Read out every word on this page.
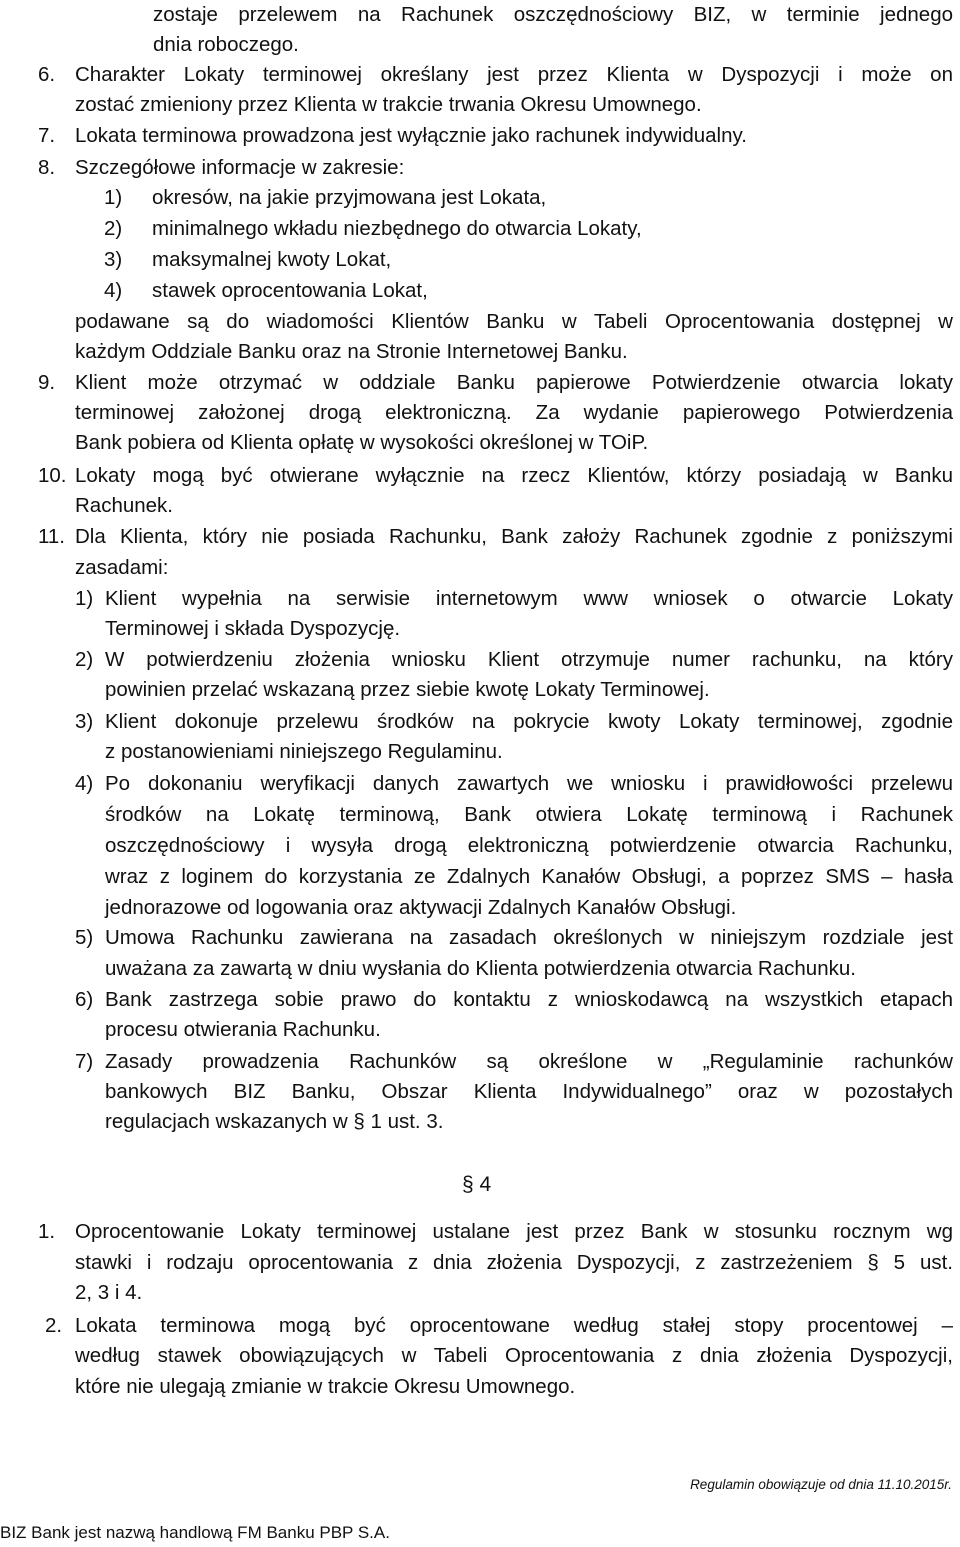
zostaje przelewem na Rachunek oszczędnościowy BIZ, w terminie jednego
dnia roboczego.
6. Charakter Lokaty terminowej określany jest przez Klienta w Dyspozycji i może on
zostać zmieniony przez Klienta w trakcie trwania Okresu Umownego.
7. Lokata terminowa prowadzona jest wyłącznie jako rachunek indywidualny.
8. Szczegółowe informacje w zakresie:
1) okresów, na jakie przyjmowana jest Lokata,
2) minimalnego wkładu niezbędnego do otwarcia Lokaty,
3) maksymalnej kwoty Lokat,
4) stawek oprocentowania Lokat,
podawane są do wiadomości Klientów Banku w Tabeli Oprocentowania dostępnej w
każdym Oddziale Banku oraz na Stronie Internetowej Banku.
9. Klient może otrzymać w oddziale Banku papierowe Potwierdzenie otwarcia lokaty
terminowej założonej drogą elektroniczną. Za wydanie papierowego Potwierdzenia
Bank pobiera od Klienta opłatę w wysokości określonej w TOiP.
10. Lokaty mogą być otwierane wyłącznie na rzecz Klientów, którzy posiadają w Banku
Rachunek.
11. Dla Klienta, który nie posiada Rachunku, Bank założy Rachunek zgodnie z poniższymi
zasadami:
1) Klient wypełnia na serwisie internetowym www wniosek o otwarcie Lokaty
Terminowej i składa Dyspozycję.
2) W potwierdzeniu złożenia wniosku Klient otrzymuje numer rachunku, na który
powinien przelać wskazaną przez siebie kwotę Lokaty Terminowej.
3) Klient dokonuje przelewu środków na pokrycie kwoty Lokaty terminowej, zgodnie
z postanowieniami niniejszego Regulaminu.
4) Po dokonaniu weryfikacji danych zawartych we wniosku i prawidłowości przelewu
środków na Lokatę terminową, Bank otwiera Lokatę terminową i Rachunek
oszczędnościowy i wysyła drogą elektroniczną potwierdzenie otwarcia Rachunku,
wraz z loginem do korzystania ze Zdalnych Kanałów Obsługi, a poprzez SMS – hasła
jednorazowe od logowania oraz aktywacji Zdalnych Kanałów Obsługi.
5) Umowa Rachunku zawierana na zasadach określonych w niniejszym rozdziale jest
uważana za zawartą w dniu wysłania do Klienta potwierdzenia otwarcia Rachunku.
6) Bank zastrzega sobie prawo do kontaktu z wnioskodawcą na wszystkich etapach
procesu otwierania Rachunku.
7) Zasady prowadzenia Rachunków są określone w „Regulaminie rachunków
bankowych BIZ Banku, Obszar Klienta Indywidualnego” oraz w pozostałych
regulacjach wskazanych w § 1 ust. 3.
§ 4
1. Oprocentowanie Lokaty terminowej ustalane jest przez Bank w stosunku rocznym wg
stawki i rodzaju oprocentowania z dnia złożenia Dyspozycji, z zastrzeżeniem § 5 ust.
2, 3 i 4.
2. Lokata terminowa mogą być oprocentowane według stałej stopy procentowej –
według stawek obowiązujących w Tabeli Oprocentowania z dnia złożenia Dyspozycji,
które nie ulegają zmianie w trakcie Okresu Umownego.
Regulamin obowiązuje od dnia 11.10.2015r.
BIZ Bank jest nazwą handlową FM Banku PBP S.A.
